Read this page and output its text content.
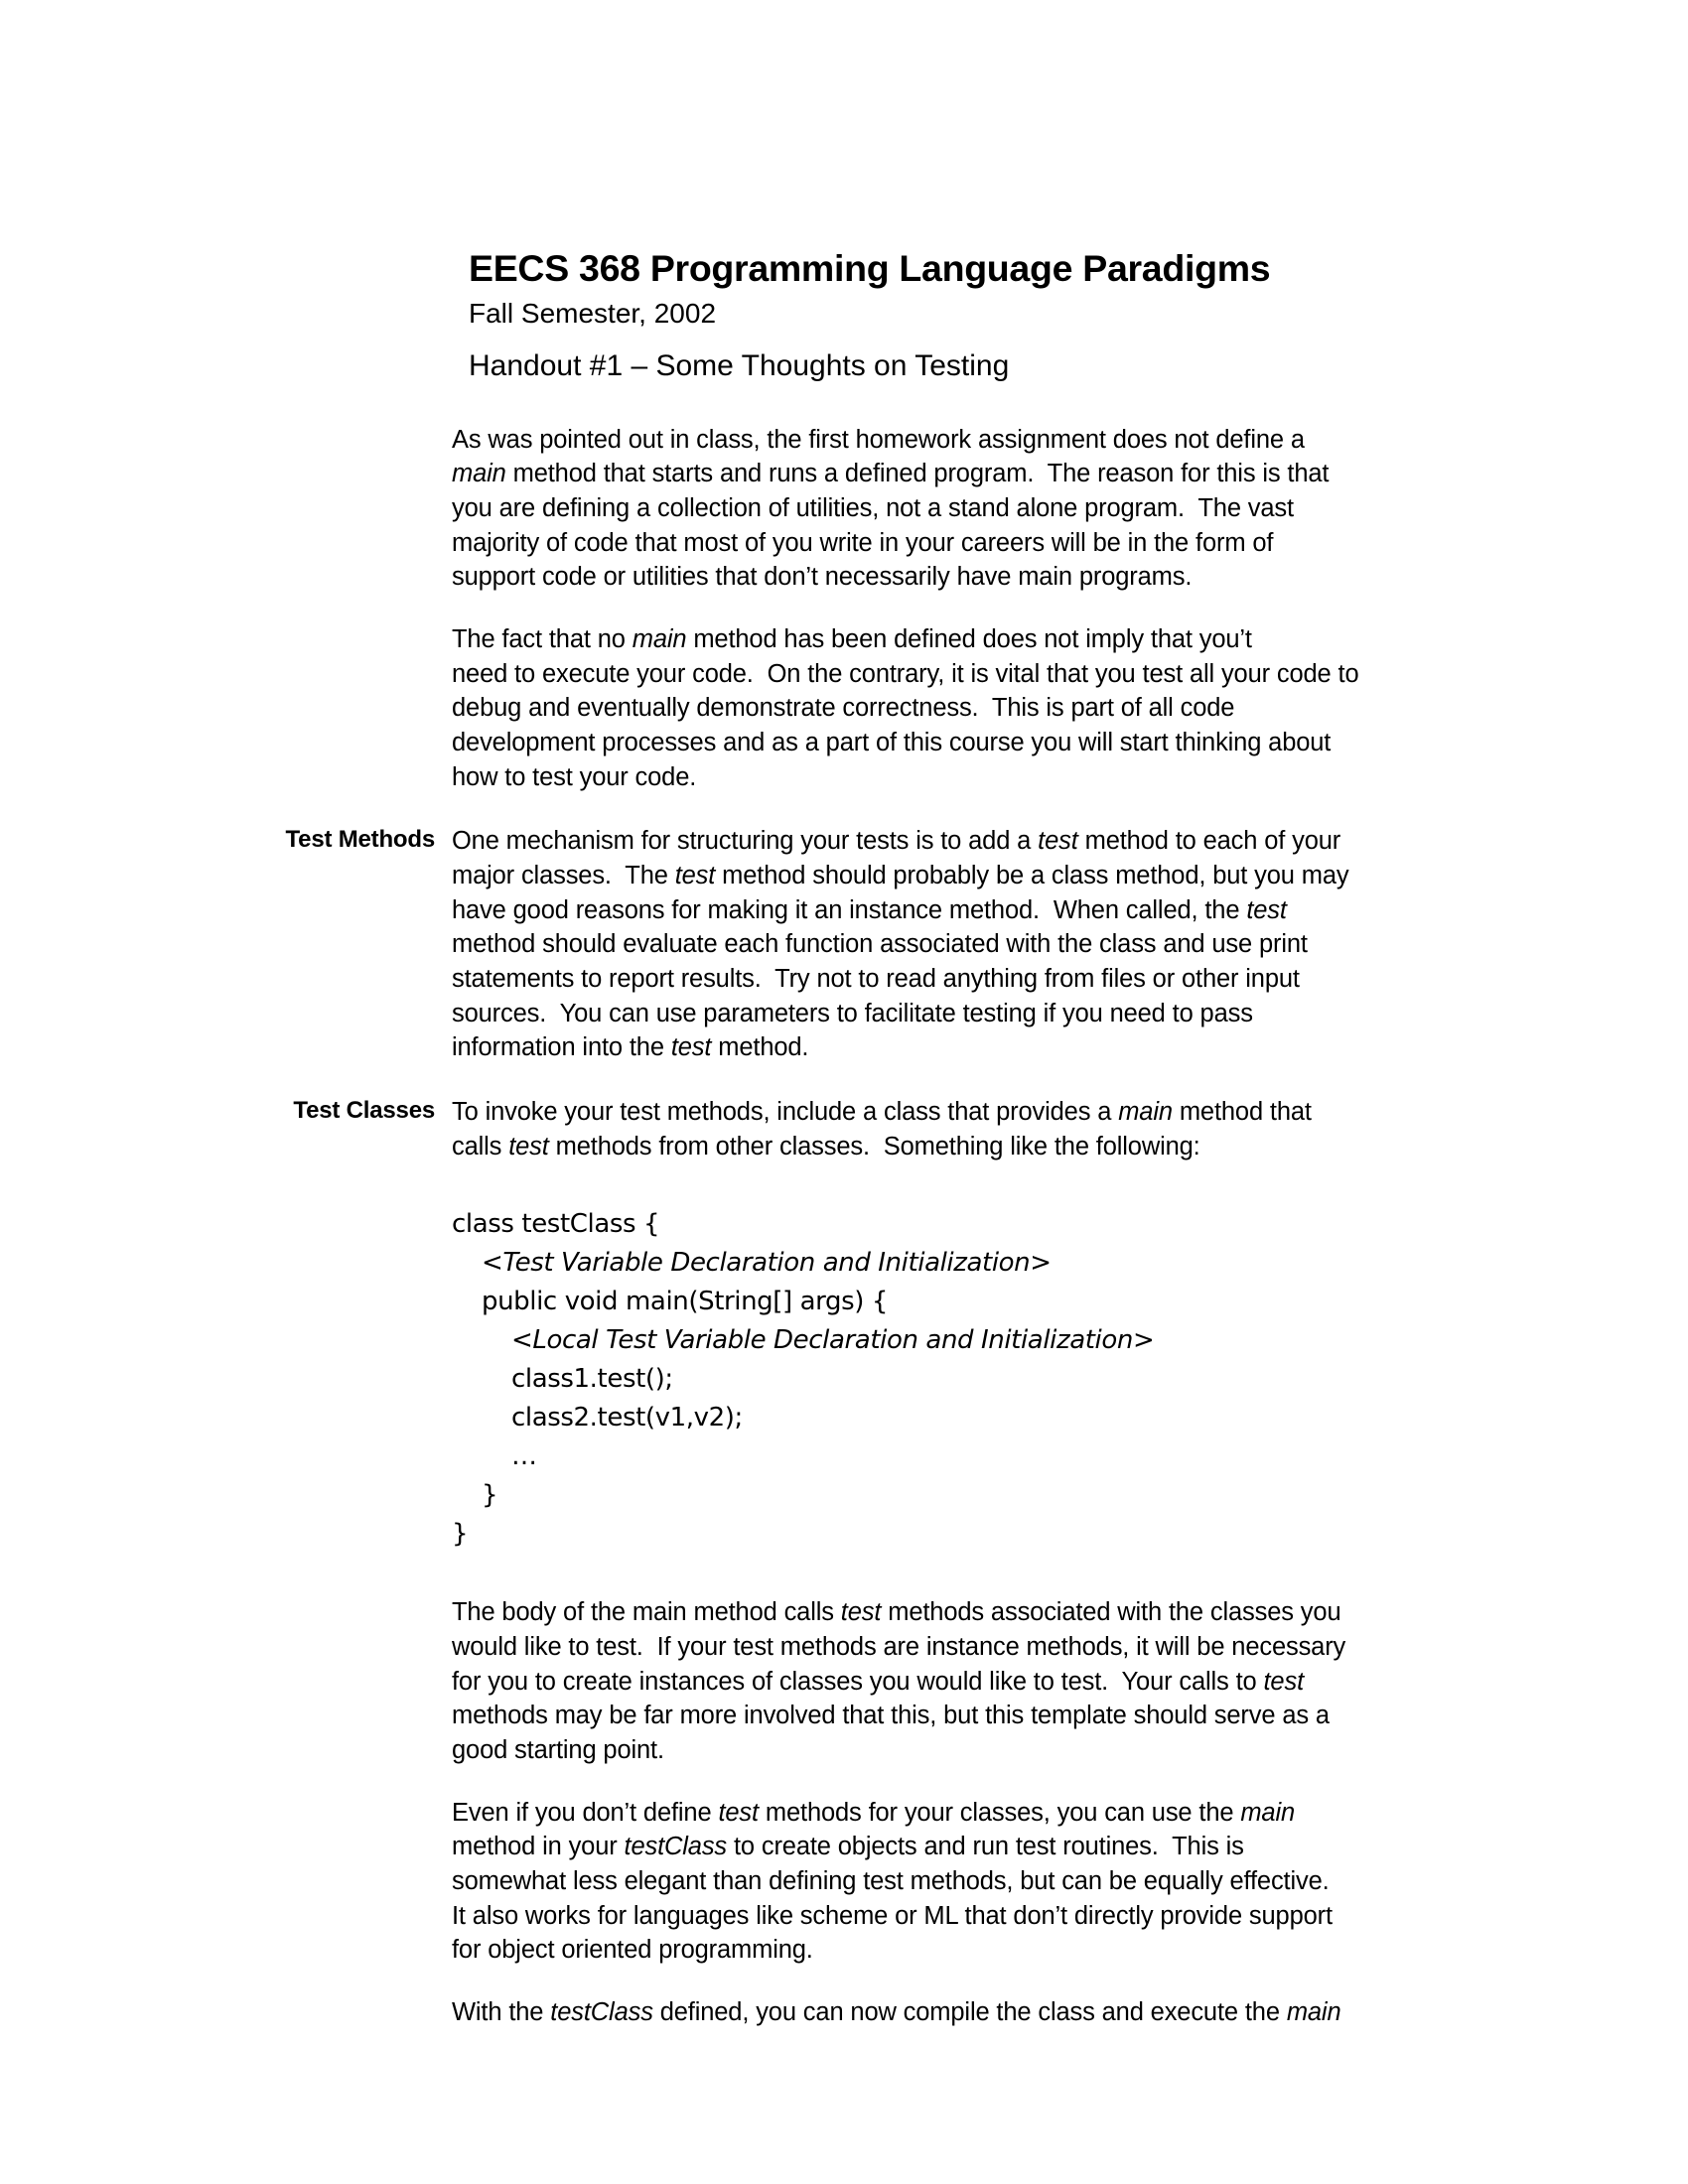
EECS 368 Programming Language Paradigms
Fall Semester, 2002
Handout #1 – Some Thoughts on Testing

As was pointed out in class, the first homework assignment does not define a
main method that starts and runs a defined program.  The reason for this is that
you are defining a collection of utilities, not a stand alone program.  The vast
majority of code that most of you write in your careers will be in the form of
support code or utilities that don’t necessarily have main programs.

The fact that no main method has been defined does not imply that you’t
need to execute your code.  On the contrary, it is vital that you test all your code to
debug and eventually demonstrate correctness.  This is part of all code
development processes and as a part of this course you will start thinking about
how to test your code.

Test Methods One mechanism for structuring your tests is to add a test method to each of your
major classes.  The test method should probably be a class method, but you may
have good reasons for making it an instance method.  When called, the test
method should evaluate each function associated with the class and use print
statements to report results.  Try not to read anything from files or other input
sources.  You can use parameters to facilitate testing if you need to pass
information into the test method.

Test Classes To invoke your test methods, include a class that provides a main method that
calls test methods from other classes.  Something like the following:

class testClass {
<Test Variable Declaration and Initialization>
public void main(String[] args) {
<Local Test Variable Declaration and Initialization>
class1.test();
class2.test(v1,v2);
…
}
}

The body of the main method calls test methods associated with the classes you
would like to test.  If your test methods are instance methods, it will be necessary
for you to create instances of classes you would like to test.  Your calls to test
methods may be far more involved that this, but this template should serve as a
good starting point.

Even if you don’t define test methods for your classes, you can use the main
method in your testClass to create objects and run test routines.  This is
somewhat less elegant than defining test methods, but can be equally effective.
It also works for languages like scheme or ML that don’t directly provide support
for object oriented programming.

With the testClass defined, you can now compile the class and execute the main
